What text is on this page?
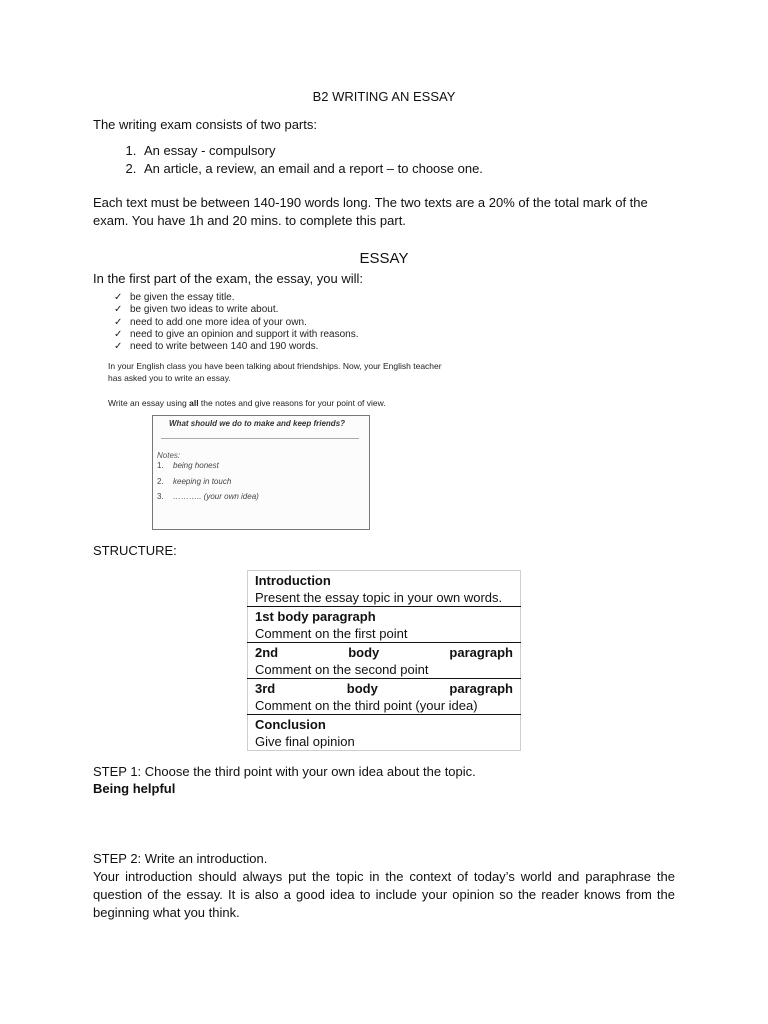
B2 WRITING AN ESSAY
The writing exam consists of two parts:
1. An essay - compulsory
2. An article, a review, an email and a report – to choose one.
Each text must be between 140-190 words long. The two texts are a 20% of the total mark of the exam. You have 1h and 20 mins. to complete this part.
ESSAY
In the first part of the exam, the essay, you will:
✓ be given the essay title.
✓ be given two ideas to write about.
✓ need to add one more idea of your own.
✓ need to give an opinion and support it with reasons.
✓ need to write between 140 and 190 words.

In your English class you have been talking about friendships. Now, your English teacher has asked you to write an essay.

Write an essay using all the notes and give reasons for your point of view.

What should we do to make and keep friends?
Notes:
1. being honest
2. keeping in touch
3. ……….. (your own idea)
STRUCTURE:
Introduction
Present the essay topic in your own words.

1st body paragraph
Comment on the first point

2nd	body	paragraph
Comment on the second point

3rd	body	paragraph
Comment on the third point (your idea)

Conclusion
Give final opinion
STEP 1: Choose the third point with your own idea about the topic.
Being helpful
STEP 2: Write an introduction.
Your introduction should always put the topic in the context of today’s world and paraphrase the question of the essay. It is also a good idea to include your opinion so the reader knows from the beginning what you think.
